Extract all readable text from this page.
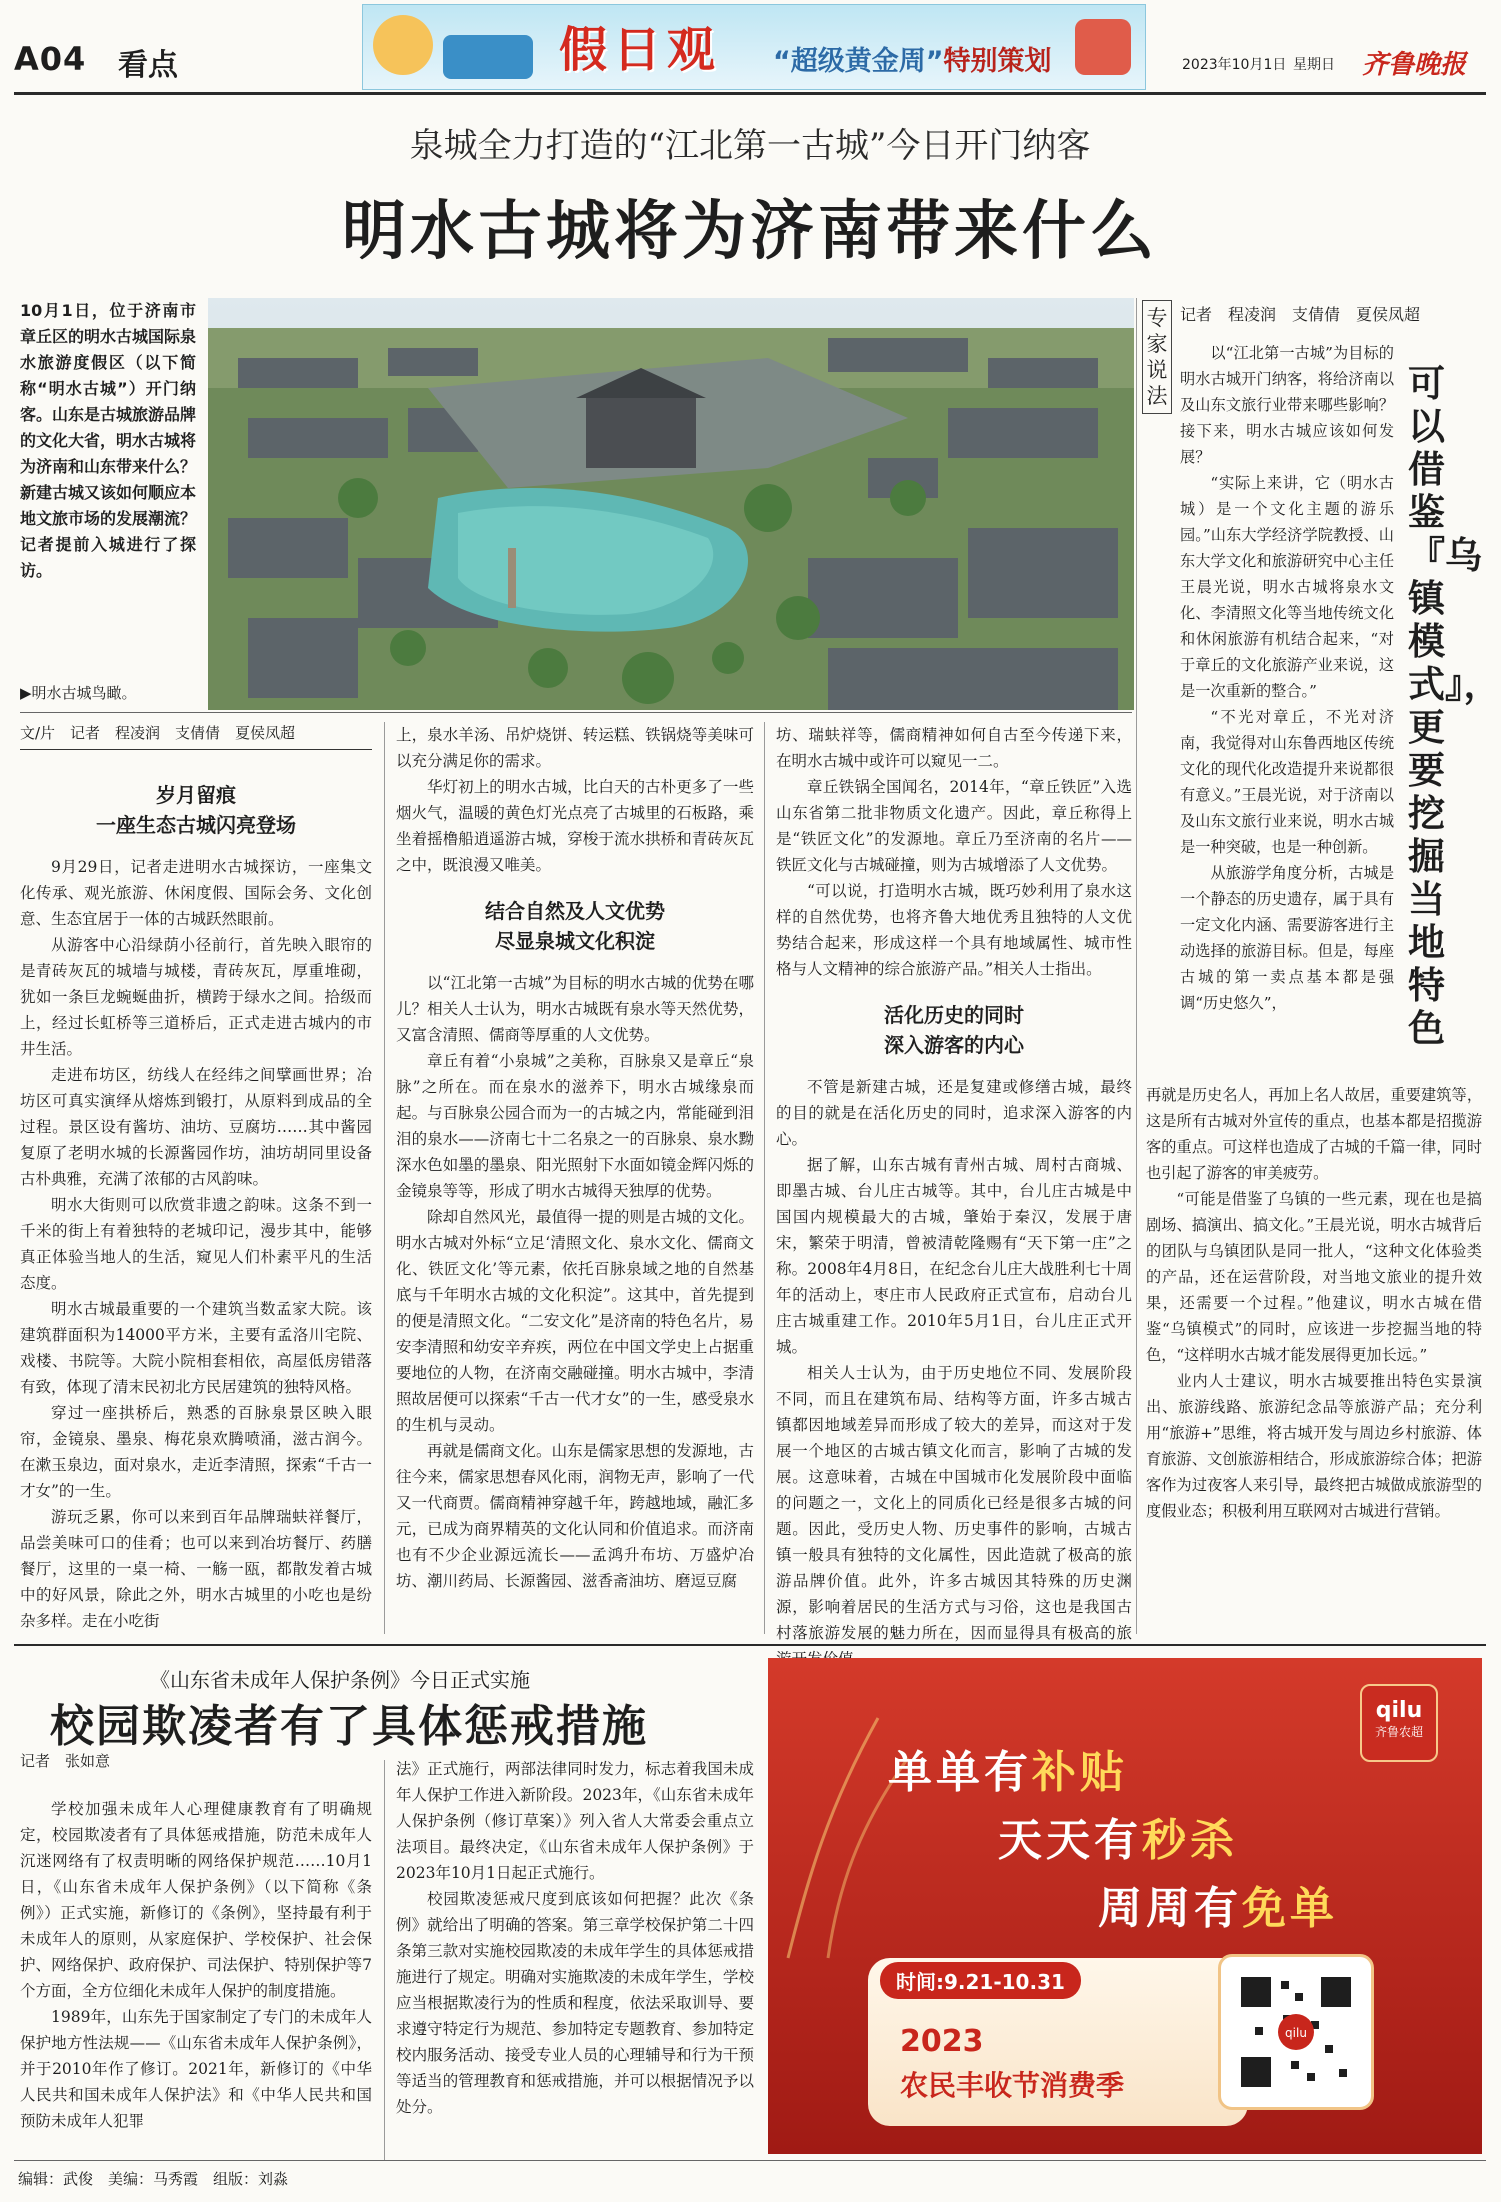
A04 看点	假日观 “超级黄金周”特别策划	2023年10月1日 星期日 齐鲁晚报
泉城全力打造的“江北第一古城”今日开门纳客
明水古城将为济南带来什么
10月1日，位于济南市章丘区的明水古城国际泉水旅游度假区（以下简称“明水古城”）开门纳客。山东是古城旅游品牌的文化大省，明水古城将为济南和山东带来什么？新建古城又该如何顺应本地文旅市场的发展潮流？记者提前入城进行了探访。
▶明水古城鸟瞰。
文/片　记者　程凌润　支倩倩　夏侯凤超
岁月留痕
一座生态古城闪亮登场

9月29日，记者走进明水古城探访，一座集文化传承、观光旅游、休闲度假、国际会务、文化创意、生态宜居于一体的古城跃然眼前。

从游客中心沿绿荫小径前行，首先映入眼帘的是青砖灰瓦的城墙与城楼，青砖灰瓦，厚重堆砌，犹如一条巨龙蜿蜒曲折，横跨于绿水之间。拾级而上，经过长虹桥等三道桥后，正式走进古城内的市井生活。

走进布坊区，纺线人在经纬之间擘画世界；冶坊区可真实演绎从熔炼到锻打，从原料到成品的全过程。景区设有酱坊、油坊、豆腐坊……其中酱园复原了老明水城的长源酱园作坊，油坊胡同里设备古朴典雅，充满了浓郁的古风韵味。

明水大街则可以欣赏非遗之韵味。这条不到一千米的街上有着独特的老城印记，漫步其中，能够真正体验当地人的生活，窥见人们朴素平凡的生活态度。

明水古城最重要的一个建筑当数孟家大院。该建筑群面积为14000平方米，主要有孟洛川宅院、戏楼、书院等。大院小院相套相依，高屋低房错落有致，体现了清末民初北方民居建筑的独特风格。

穿过一座拱桥后，熟悉的百脉泉景区映入眼帘，金镜泉、墨泉、梅花泉欢腾喷涌，滋古润今。在漱玉泉边，面对泉水，走近李清照，探索“千古一才女”的一生。

游玩乏累，你可以来到百年品牌瑞蚨祥餐厅，品尝美味可口的佳肴；也可以来到冶坊餐厅、药膳餐厅，这里的一桌一椅、一觞一瓯，都散发着古城中的好风景，除此之外，明水古城里的小吃也是纷杂多样。走在小吃街

上，泉水羊汤、吊炉烧饼、转运糕、铁锅烧等美味可以充分满足你的需求。

华灯初上的明水古城，比白天的古朴更多了一些烟火气，温暖的黄色灯光点亮了古城里的石板路，乘坐着摇橹船逍遥游古城，穿梭于流水拱桥和青砖灰瓦之中，既浪漫又唯美。

结合自然及人文优势
尽显泉城文化积淀

以“江北第一古城”为目标的明水古城的优势在哪儿？相关人士认为，明水古城既有泉水等天然优势，又富含清照、儒商等厚重的人文优势。

章丘有着“小泉城”之美称，百脉泉又是章丘“泉脉”之所在。而在泉水的滋养下，明水古城缘泉而起。与百脉泉公园合而为一的古城之内，常能碰到泪泪的泉水——济南七十二名泉之一的百脉泉、泉水黝深水色如墨的墨泉、阳光照射下水面如镜金辉闪烁的金镜泉等等，形成了明水古城得天独厚的优势。

除却自然风光，最值得一提的则是古城的文化。明水古城对外标“立足‘清照文化、泉水文化、儒商文化、铁匠文化’等元素，依托百脉泉域之地的自然基底与千年明水古城的文化积淀”。这其中，首先提到的便是清照文化。“二安文化”是济南的特色名片，易安李清照和幼安辛弃疾，两位在中国文学史上占据重要地位的人物，在济南交融碰撞。明水古城中，李清照故居便可以探索“千古一代才女”的一生，感受泉水的生机与灵动。

再就是儒商文化。山东是儒家思想的发源地，古往今来，儒家思想春风化雨，润物无声，影响了一代又一代商贾。儒商精神穿越千年，跨越地域，融汇多元，已成为商界精英的文化认同和价值追求。而济南也有不少企业源远流长——孟鸿升布坊、万盛炉冶坊、潮川药局、长源酱园、滋香斋油坊、磨逗豆腐

坊、瑞蚨祥等，儒商精神如何自古至今传递下来，在明水古城中或许可以窥见一二。

章丘铁锅全国闻名，2014年，“章丘铁匠”入选山东省第二批非物质文化遗产。因此，章丘称得上是“铁匠文化”的发源地。章丘乃至济南的名片——铁匠文化与古城碰撞，则为古城增添了人文优势。

“可以说，打造明水古城，既巧妙利用了泉水这样的自然优势，也将齐鲁大地优秀且独特的人文优势结合起来，形成这样一个具有地域属性、城市性格与人文精神的综合旅游产品。”相关人士指出。

活化历史的同时
深入游客的内心

不管是新建古城，还是复建或修缮古城，最终的目的就是在活化历史的同时，追求深入游客的内心。

据了解，山东古城有青州古城、周村古商城、即墨古城、台儿庄古城等。其中，台儿庄古城是中国国内规模最大的古城，肇始于秦汉，发展于唐宋，繁荣于明清，曾被清乾隆赐有“天下第一庄”之称。2008年4月8日，在纪念台儿庄大战胜利七十周年的活动上，枣庄市人民政府正式宣布，启动台儿庄古城重建工作。2010年5月1日，台儿庄正式开城。

相关人士认为，由于历史地位不同、发展阶段不同，而且在建筑布局、结构等方面，许多古城古镇都因地域差异而形成了较大的差异，而这对于发展一个地区的古城古镇文化而言，影响了古城的发展。这意味着，古城在中国城市化发展阶段中面临的问题之一，文化上的同质化已经是很多古城的问题。因此，受历史人物、历史事件的影响，古城古镇一般具有独特的文化属性，因此造就了极高的旅游品牌价值。此外，许多古城因其特殊的历史渊源，影响着居民的生活方式与习俗，这也是我国古村落旅游发展的魅力所在，因而显得具有极高的旅

专家说法
记者　程凌润　支倩倩　夏侯凤超
可以借鉴『乌镇模式』，更要挖掘当地特色

以“江北第一古城”为目标的明水古城开门纳客，将给济南以及山东文旅行业带来哪些影响？接下来，明水古城应该如何发展？

“实际上来讲，它（明水古城）是一个文化主题的游乐园。”山东大学经济学院教授、山东大学文化和旅游研究中心主任王晨光说，明水古城将泉水文化、李清照文化等当地传统文化和休闲旅游有机结合起来，“对于章丘的文化旅游产业来说，这是一次重新的整合。”

“不光对章丘，不光对济南，我觉得对山东鲁西地区传统文化的现代化改造提升来说都很有意义。”王晨光说，对于济南以及山东文旅行业来说，明水古城是一种突破，也是一种创新。

从旅游学角度分析，古城是一个静态的历史遗存，属于具有一定文化内涵、需要游客进行主动选择的旅游目标。但是，每座古城的第一卖点基本都是强调“历史悠久”，

再就是历史名人，再加上名人故居，重要建筑等，这是所有古城对外宣传的重点，也基本都是招揽游客的重点。可这样也造成了古城的千篇一律，同时也引起了游客的审美疲劳。

“可能是借鉴了乌镇的一些元素，现在也是搞剧场、搞演出、搞文化。”王晨光说，明水古城背后的团队与乌镇团队是同一批人，“这种文化体验类的产品，还在运营阶段，对当地文旅业的提升效果，还需要一个过程。”他建议，明水古城在借鉴“乌镇模式”的同时，应该进一步挖掘当地的特色，“这样明水古城才能发展得更加长远。”

业内人士建议，明水古城要推出特色实景演出、旅游线路、旅游纪念品等旅游产品；充分利用“旅游+”思维，将古城开发与周边乡村旅游、体育旅游、文创旅游相结合，形成旅游综合体；把游客作为过夜客人来引导，最终把古城做成旅游型的度假业态；积极利用互联网对古城进行营销。

《山东省未成年人保护条例》今日正式实施
校园欺凌者有了具体惩戒措施
记者　张如意

学校加强未成年人心理健康教育有了明确规定，校园欺凌者有了具体惩戒措施，防范未成年人沉迷网络有了权责明晰的网络保护规范……10月1日，《山东省未成年人保护条例》（以下简称《条例》）正式实施，新修订的《条例》，坚持最有利于未成年人的原则，从家庭保护、学校保护、社会保护、网络保护、政府保护、司法保护、特别保护等7个方面，全方位细化未成年人保护的制度措施。

1989年，山东先于国家制定了专门的未成年人保护地方性法规——《山东省未成年人保护条例》，并于2010年作了修订。2021年，新修订的《中华人民共和国未成年人保护法》和《中华人民共和国预防未成年人犯罪

法》正式施行，两部法律同时发力，标志着我国未成年人保护工作进入新阶段。2023年，《山东省未成年人保护条例（修订草案）》列入省人大常委会重点立法项目。最终决定，《山东省未成年人保护条例》于2023年10月1日起正式施行。

校园欺凌惩戒尺度到底该如何把握？此次《条例》就给出了明确的答案。第三章学校保护第二十四条第三款对实施校园欺凌的未成年学生的具体惩戒措施进行了规定。明确对实施欺凌的未成年学生，学校应当根据欺凌行为的性质和程度，依法采取训导、要求遵守特定行为规范、参加特定专题教育、参加特定校内服务活动、接受专业人员的心理辅导和行为干预等适当的管理教育和惩戒措施，并可以根据情况予以处分。

qilu
齐鲁农超
单单有补贴
天天有秒杀
周周有免单
时间:9.21-10.31
2023
农民丰收节消费季
qilu
编辑：武俊　美编：马秀霞　组版：刘淼
